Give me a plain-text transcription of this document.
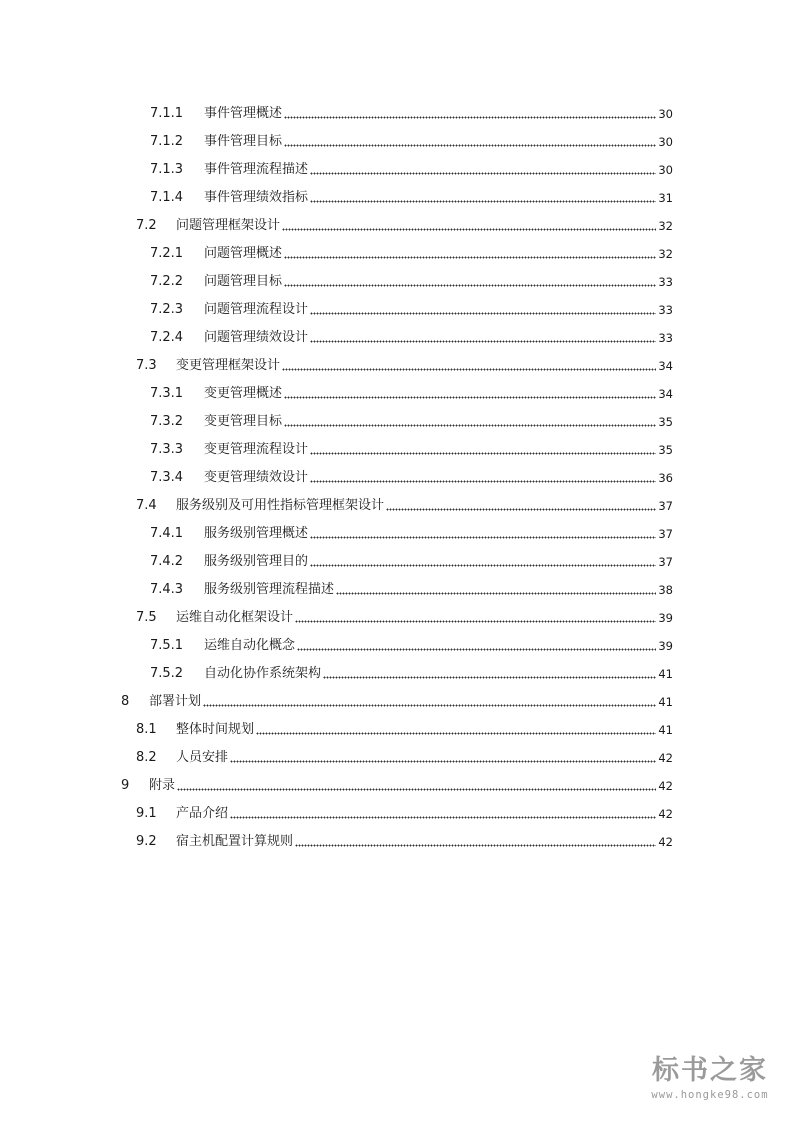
7.1.1	事件管理概述	30
7.1.2	事件管理目标	30
7.1.3	事件管理流程描述	30
7.1.4	事件管理绩效指标	31
7.2	问题管理框架设计	32
7.2.1	问题管理概述	32
7.2.2	问题管理目标	33
7.2.3	问题管理流程设计	33
7.2.4	问题管理绩效设计	33
7.3	变更管理框架设计	34
7.3.1	变更管理概述	34
7.3.2	变更管理目标	35
7.3.3	变更管理流程设计	35
7.3.4	变更管理绩效设计	36
7.4	服务级别及可用性指标管理框架设计	37
7.4.1	服务级别管理概述	37
7.4.2	服务级别管理目的	37
7.4.3	服务级别管理流程描述	38
7.5	运维自动化框架设计	39
7.5.1	运维自动化概念	39
7.5.2	自动化协作系统架构	41
8	部署计划	41
8.1	整体时间规划	41
8.2	人员安排	42
9	附录	42
9.1	产品介绍	42
9.2	宿主机配置计算规则	42
标书之家
www.hongke98.com
